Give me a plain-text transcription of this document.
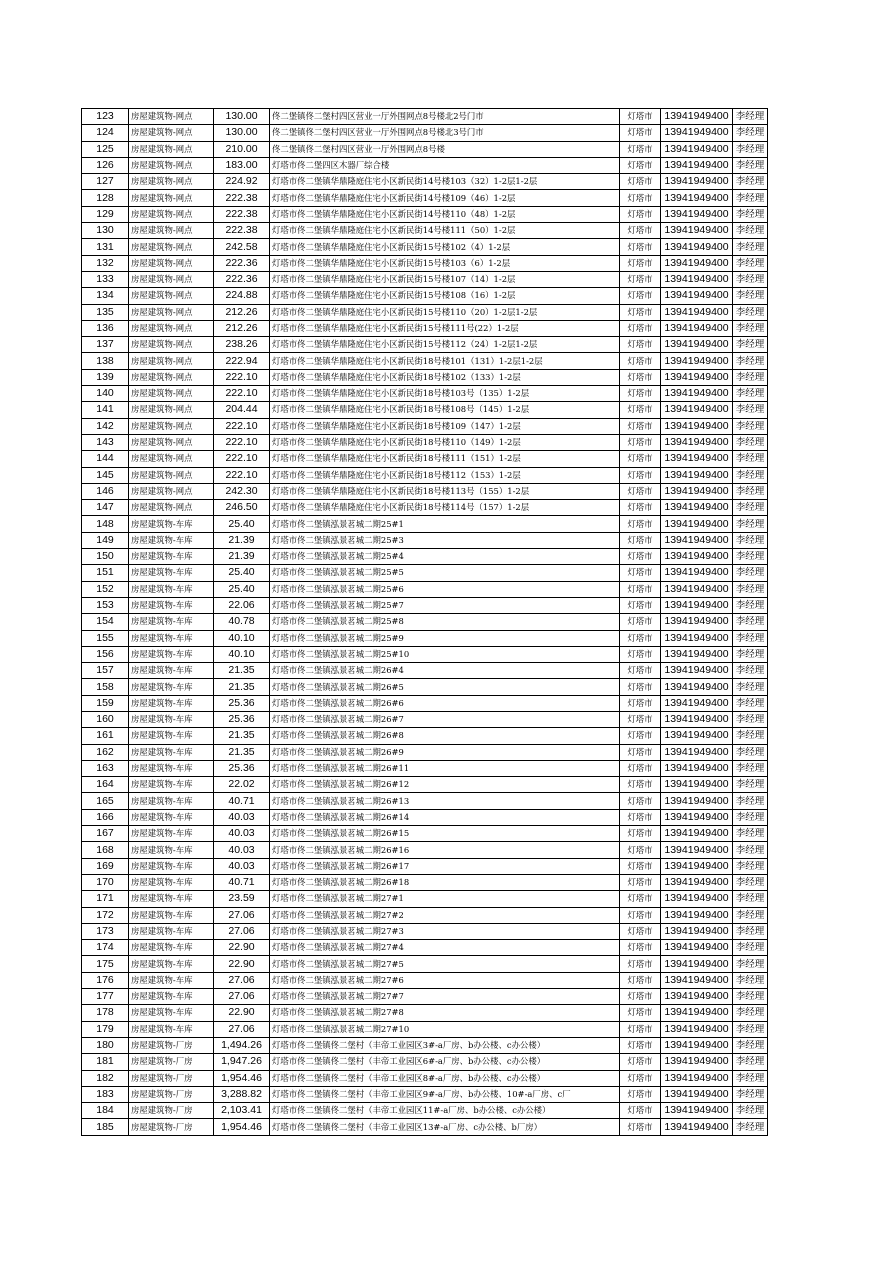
123	房屋建筑物-网点	130.00	佟二堡镇佟二堡村四区营业一厅外围网点8号楼北2号门市	灯塔市	13941949400	李经理
124	房屋建筑物-网点	130.00	佟二堡镇佟二堡村四区营业一厅外围网点8号楼北3号门市	灯塔市	13941949400	李经理
125	房屋建筑物-网点	210.00	佟二堡镇佟二堡村四区营业一厅外围网点8号楼	灯塔市	13941949400	李经理
126	房屋建筑物-网点	183.00	灯塔市佟二堡四区木器厂综合楼	灯塔市	13941949400	李经理
127	房屋建筑物-网点	224.92	灯塔市佟二堡镇华鼎隆庭住宅小区新民街14号楼103（32）1-2层1-2层	灯塔市	13941949400	李经理
128	房屋建筑物-网点	222.38	灯塔市佟二堡镇华鼎隆庭住宅小区新民街14号楼109（46）1-2层	灯塔市	13941949400	李经理
129	房屋建筑物-网点	222.38	灯塔市佟二堡镇华鼎隆庭住宅小区新民街14号楼110（48）1-2层	灯塔市	13941949400	李经理
130	房屋建筑物-网点	222.38	灯塔市佟二堡镇华鼎隆庭住宅小区新民街14号楼111（50）1-2层	灯塔市	13941949400	李经理
131	房屋建筑物-网点	242.58	灯塔市佟二堡镇华鼎隆庭住宅小区新民街15号楼102（4）1-2层	灯塔市	13941949400	李经理
132	房屋建筑物-网点	222.36	灯塔市佟二堡镇华鼎隆庭住宅小区新民街15号楼103（6）1-2层	灯塔市	13941949400	李经理
133	房屋建筑物-网点	222.36	灯塔市佟二堡镇华鼎隆庭住宅小区新民街15号楼107（14）1-2层	灯塔市	13941949400	李经理
134	房屋建筑物-网点	224.88	灯塔市佟二堡镇华鼎隆庭住宅小区新民街15号楼108（16）1-2层	灯塔市	13941949400	李经理
135	房屋建筑物-网点	212.26	灯塔市佟二堡镇华鼎隆庭住宅小区新民街15号楼110（20）1-2层1-2层	灯塔市	13941949400	李经理
136	房屋建筑物-网点	212.26	灯塔市佟二堡镇华鼎隆庭住宅小区新民街15号楼111号(22）1-2层	灯塔市	13941949400	李经理
137	房屋建筑物-网点	238.26	灯塔市佟二堡镇华鼎隆庭住宅小区新民街15号楼112（24）1-2层1-2层	灯塔市	13941949400	李经理
138	房屋建筑物-网点	222.94	灯塔市佟二堡镇华鼎隆庭住宅小区新民街18号楼101（131）1-2层1-2层	灯塔市	13941949400	李经理
139	房屋建筑物-网点	222.10	灯塔市佟二堡镇华鼎隆庭住宅小区新民街18号楼102（133）1-2层	灯塔市	13941949400	李经理
140	房屋建筑物-网点	222.10	灯塔市佟二堡镇华鼎隆庭住宅小区新民街18号楼103号（135）1-2层	灯塔市	13941949400	李经理
141	房屋建筑物-网点	204.44	灯塔市佟二堡镇华鼎隆庭住宅小区新民街18号楼108号（145）1-2层	灯塔市	13941949400	李经理
142	房屋建筑物-网点	222.10	灯塔市佟二堡镇华鼎隆庭住宅小区新民街18号楼109（147）1-2层	灯塔市	13941949400	李经理
143	房屋建筑物-网点	222.10	灯塔市佟二堡镇华鼎隆庭住宅小区新民街18号楼110（149）1-2层	灯塔市	13941949400	李经理
144	房屋建筑物-网点	222.10	灯塔市佟二堡镇华鼎隆庭住宅小区新民街18号楼111（151）1-2层	灯塔市	13941949400	李经理
145	房屋建筑物-网点	222.10	灯塔市佟二堡镇华鼎隆庭住宅小区新民街18号楼112（153）1-2层	灯塔市	13941949400	李经理
146	房屋建筑物-网点	242.30	灯塔市佟二堡镇华鼎隆庭住宅小区新民街18号楼113号（155）1-2层	灯塔市	13941949400	李经理
147	房屋建筑物-网点	246.50	灯塔市佟二堡镇华鼎隆庭住宅小区新民街18号楼114号（157）1-2层	灯塔市	13941949400	李经理
148	房屋建筑物-车库	25.40	灯塔市佟二堡镇泓景茗城二期25#1	灯塔市	13941949400	李经理
149	房屋建筑物-车库	21.39	灯塔市佟二堡镇泓景茗城二期25#3	灯塔市	13941949400	李经理
150	房屋建筑物-车库	21.39	灯塔市佟二堡镇泓景茗城二期25#4	灯塔市	13941949400	李经理
151	房屋建筑物-车库	25.40	灯塔市佟二堡镇泓景茗城二期25#5	灯塔市	13941949400	李经理
152	房屋建筑物-车库	25.40	灯塔市佟二堡镇泓景茗城二期25#6	灯塔市	13941949400	李经理
153	房屋建筑物-车库	22.06	灯塔市佟二堡镇泓景茗城二期25#7	灯塔市	13941949400	李经理
154	房屋建筑物-车库	40.78	灯塔市佟二堡镇泓景茗城二期25#8	灯塔市	13941949400	李经理
155	房屋建筑物-车库	40.10	灯塔市佟二堡镇泓景茗城二期25#9	灯塔市	13941949400	李经理
156	房屋建筑物-车库	40.10	灯塔市佟二堡镇泓景茗城二期25#10	灯塔市	13941949400	李经理
157	房屋建筑物-车库	21.35	灯塔市佟二堡镇泓景茗城二期26#4	灯塔市	13941949400	李经理
158	房屋建筑物-车库	21.35	灯塔市佟二堡镇泓景茗城二期26#5	灯塔市	13941949400	李经理
159	房屋建筑物-车库	25.36	灯塔市佟二堡镇泓景茗城二期26#6	灯塔市	13941949400	李经理
160	房屋建筑物-车库	25.36	灯塔市佟二堡镇泓景茗城二期26#7	灯塔市	13941949400	李经理
161	房屋建筑物-车库	21.35	灯塔市佟二堡镇泓景茗城二期26#8	灯塔市	13941949400	李经理
162	房屋建筑物-车库	21.35	灯塔市佟二堡镇泓景茗城二期26#9	灯塔市	13941949400	李经理
163	房屋建筑物-车库	25.36	灯塔市佟二堡镇泓景茗城二期26#11	灯塔市	13941949400	李经理
164	房屋建筑物-车库	22.02	灯塔市佟二堡镇泓景茗城二期26#12	灯塔市	13941949400	李经理
165	房屋建筑物-车库	40.71	灯塔市佟二堡镇泓景茗城二期26#13	灯塔市	13941949400	李经理
166	房屋建筑物-车库	40.03	灯塔市佟二堡镇泓景茗城二期26#14	灯塔市	13941949400	李经理
167	房屋建筑物-车库	40.03	灯塔市佟二堡镇泓景茗城二期26#15	灯塔市	13941949400	李经理
168	房屋建筑物-车库	40.03	灯塔市佟二堡镇泓景茗城二期26#16	灯塔市	13941949400	李经理
169	房屋建筑物-车库	40.03	灯塔市佟二堡镇泓景茗城二期26#17	灯塔市	13941949400	李经理
170	房屋建筑物-车库	40.71	灯塔市佟二堡镇泓景茗城二期26#18	灯塔市	13941949400	李经理
171	房屋建筑物-车库	23.59	灯塔市佟二堡镇泓景茗城二期27#1	灯塔市	13941949400	李经理
172	房屋建筑物-车库	27.06	灯塔市佟二堡镇泓景茗城二期27#2	灯塔市	13941949400	李经理
173	房屋建筑物-车库	27.06	灯塔市佟二堡镇泓景茗城二期27#3	灯塔市	13941949400	李经理
174	房屋建筑物-车库	22.90	灯塔市佟二堡镇泓景茗城二期27#4	灯塔市	13941949400	李经理
175	房屋建筑物-车库	22.90	灯塔市佟二堡镇泓景茗城二期27#5	灯塔市	13941949400	李经理
176	房屋建筑物-车库	27.06	灯塔市佟二堡镇泓景茗城二期27#6	灯塔市	13941949400	李经理
177	房屋建筑物-车库	27.06	灯塔市佟二堡镇泓景茗城二期27#7	灯塔市	13941949400	李经理
178	房屋建筑物-车库	22.90	灯塔市佟二堡镇泓景茗城二期27#8	灯塔市	13941949400	李经理
179	房屋建筑物-车库	27.06	灯塔市佟二堡镇泓景茗城二期27#10	灯塔市	13941949400	李经理
180	房屋建筑物-厂房	1,494.26	灯塔市佟二堡镇佟二堡村（丰帝工业园区3#-a厂房、b办公楼、c办公楼）	灯塔市	13941949400	李经理
181	房屋建筑物-厂房	1,947.26	灯塔市佟二堡镇佟二堡村（丰帝工业园区6#-a厂房、b办公楼、c办公楼）	灯塔市	13941949400	李经理
182	房屋建筑物-厂房	1,954.46	灯塔市佟二堡镇佟二堡村（丰帝工业园区8#-a厂房、b办公楼、c办公楼）	灯塔市	13941949400	李经理
183	房屋建筑物-厂房	3,288.82	灯塔市佟二堡镇佟二堡村（丰帝工业园区9#-a厂房、b办公楼、10#-a厂房、c厂	灯塔市	13941949400	李经理
184	房屋建筑物-厂房	2,103.41	灯塔市佟二堡镇佟二堡村（丰帝工业园区11#-a厂房、b办公楼、c办公楼）	灯塔市	13941949400	李经理
185	房屋建筑物-厂房	1,954.46	灯塔市佟二堡镇佟二堡村（丰帝工业园区13#-a厂房、c办公楼、b厂房）	灯塔市	13941949400	李经理
